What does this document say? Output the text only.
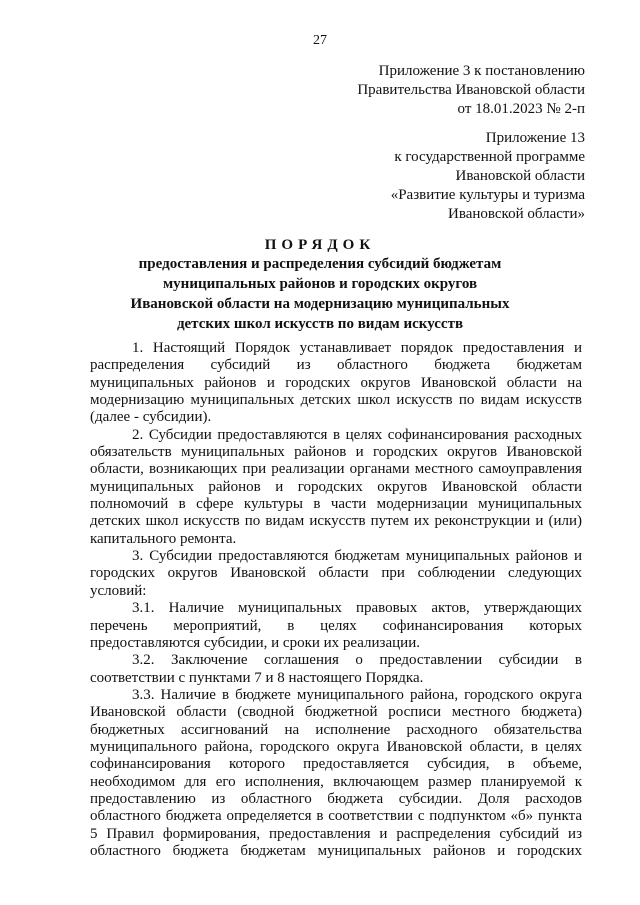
27
Приложение 3 к постановлению
Правительства Ивановской области
от 18.01.2023 № 2-п
Приложение 13
к государственной программе
Ивановской области
«Развитие культуры и туризма
Ивановской области»
ПОРЯДОК
предоставления и распределения субсидий бюджетам
муниципальных районов и городских округов
Ивановской области на модернизацию муниципальных
детских школ искусств по видам искусств
1. Настоящий Порядок устанавливает порядок предоставления и
распределения субсидий из областного бюджета бюджетам
муниципальных районов и городских округов Ивановской области на
модернизацию муниципальных детских школ искусств по видам искусств
(далее - субсидии).
2. Субсидии предоставляются в целях софинансирования расходных
обязательств муниципальных районов и городских округов Ивановской
области, возникающих при реализации органами местного самоуправления
муниципальных районов и городских округов Ивановской области
полномочий в сфере культуры в части модернизации муниципальных
детских школ искусств по видам искусств путем их реконструкции и (или)
капитального ремонта.
3. Субсидии предоставляются бюджетам муниципальных районов и
городских округов Ивановской области при соблюдении следующих
условий:
3.1. Наличие муниципальных правовых актов, утверждающих
перечень мероприятий, в целях софинансирования которых
предоставляются субсидии, и сроки их реализации.
3.2. Заключение соглашения о предоставлении субсидии в
соответствии с пунктами 7 и 8 настоящего Порядка.
3.3. Наличие в бюджете муниципального района, городского округа
Ивановской области (сводной бюджетной росписи местного бюджета)
бюджетных ассигнований на исполнение расходного обязательства
муниципального района, городского округа Ивановской области, в целях
софинансирования которого предоставляется субсидия, в объеме,
необходимом для его исполнения, включающем размер планируемой к
предоставлению из областного бюджета субсидии. Доля расходов
областного бюджета определяется в соответствии с подпунктом «б» пункта
5 Правил формирования, предоставления и распределения субсидий из
областного бюджета бюджетам муниципальных районов и городских
